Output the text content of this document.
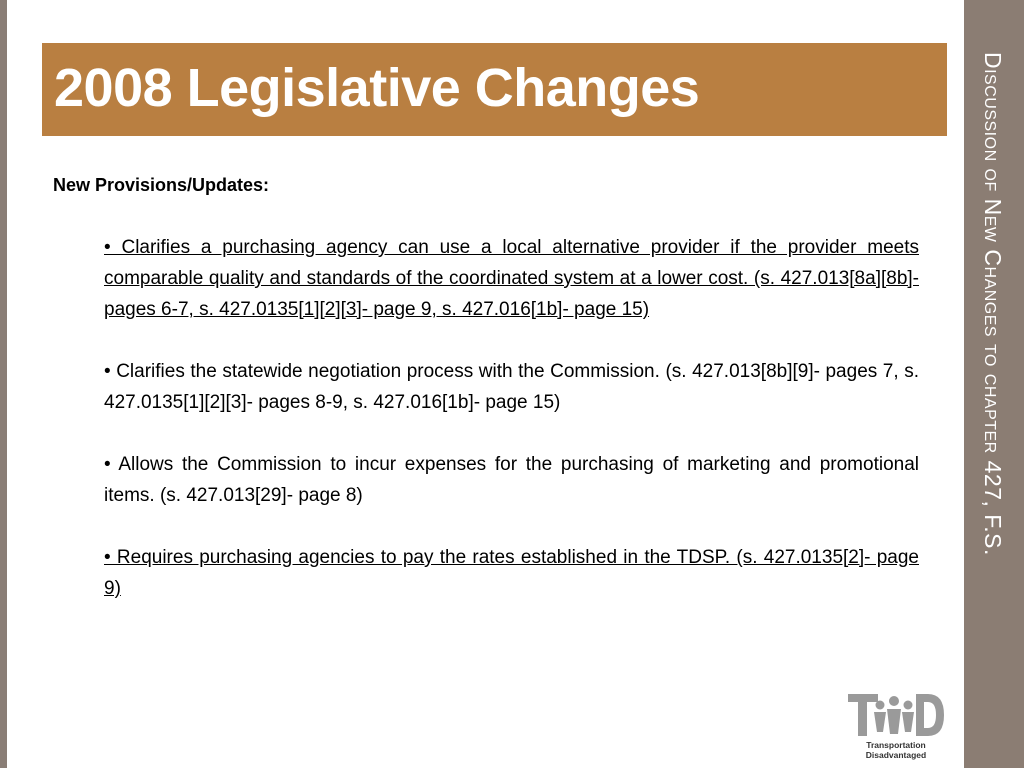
2008 Legislative Changes	Discussion of New Changes to chapter 427, F.S.
New Provisions/Updates:

• Clarifies a purchasing agency can use a local alternative provider if the provider meets comparable quality and standards of the coordinated system at a lower cost. (s. 427.013[8a][8b]- pages 6-7, s. 427.0135[1][2][3]- page 9, s. 427.016[1b]- page 15)

• Clarifies the statewide negotiation process with the Commission. (s. 427.013[8b][9]- pages 7, s. 427.0135[1][2][3]- pages 8-9, s. 427.016[1b]- page 15)

• Allows the Commission to incur expenses for the purchasing of marketing and promotional items. (s. 427.013[29]- page 8)

• Requires purchasing agencies to pay the rates established in the TDSP. (s. 427.0135[2]- page 9)

Transportation
Disadvantaged
